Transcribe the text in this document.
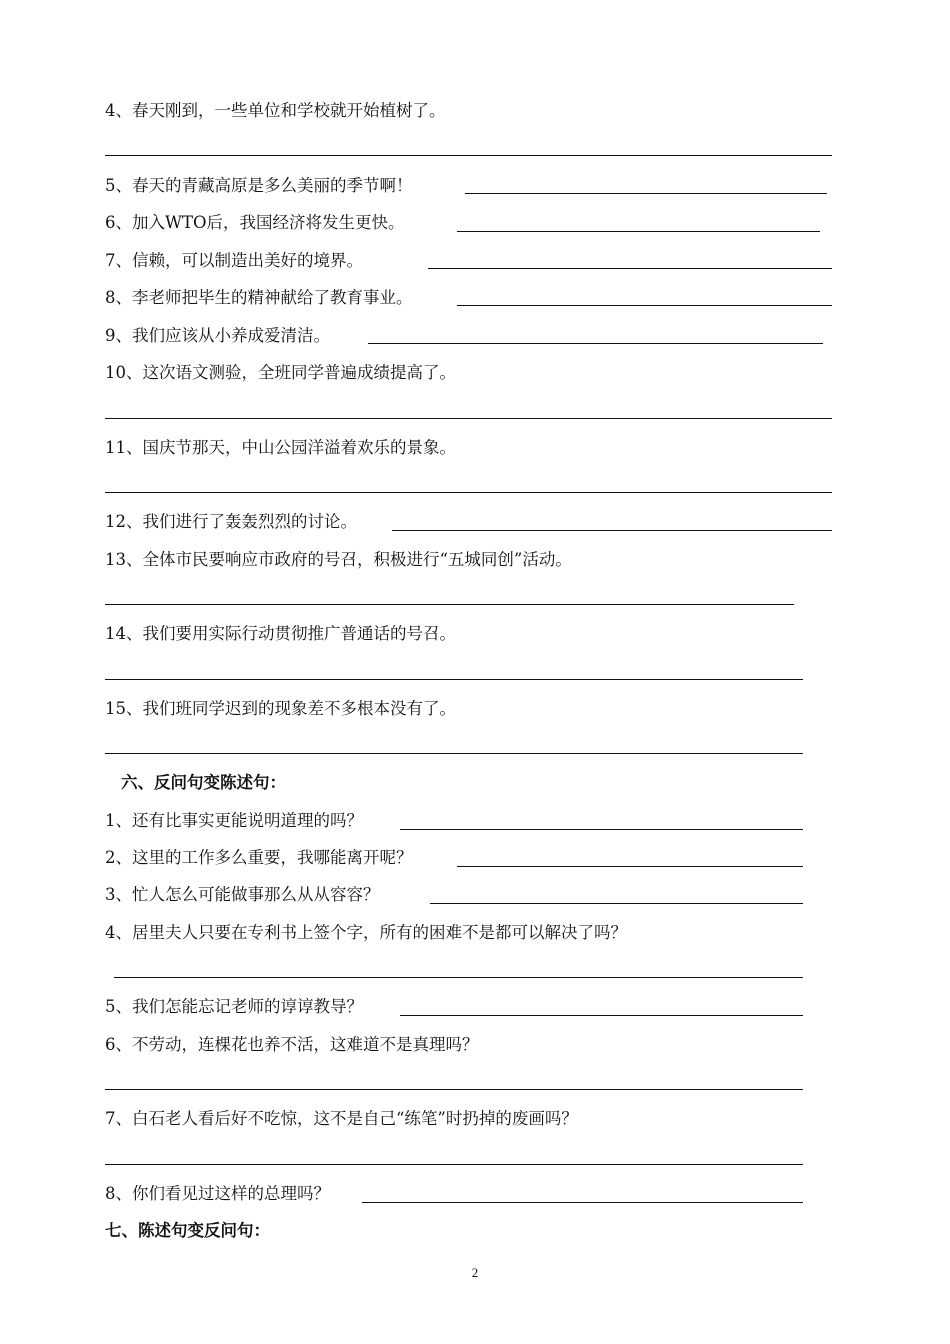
4、春天刚到，一些单位和学校就开始植树了。
5、春天的青藏高原是多么美丽的季节啊！
6、加入WTO后，我国经济将发生更快。
7、信赖，可以制造出美好的境界。
8、李老师把毕生的精神献给了教育事业。
9、我们应该从小养成爱清洁。
10、这次语文测验，全班同学普遍成绩提高了。
11、国庆节那天，中山公园洋溢着欢乐的景象。
12、我们进行了轰轰烈烈的讨论。
13、全体市民要响应市政府的号召，积极进行“五城同创”活动。
14、我们要用实际行动贯彻推广普通话的号召。
15、我们班同学迟到的现象差不多根本没有了。
六、反问句变陈述句：
1、还有比事实更能说明道理的吗？
2、这里的工作多么重要，我哪能离开呢？
3、忙人怎么可能做事那么从从容容？
4、居里夫人只要在专利书上签个字，所有的困难不是都可以解决了吗？
5、我们怎能忘记老师的谆谆教导？
6、不劳动，连棵花也养不活，这难道不是真理吗？
7、白石老人看后好不吃惊，这不是自己“练笔”时扔掉的废画吗？
8、你们看见过这样的总理吗？
七、陈述句变反问句：
2
